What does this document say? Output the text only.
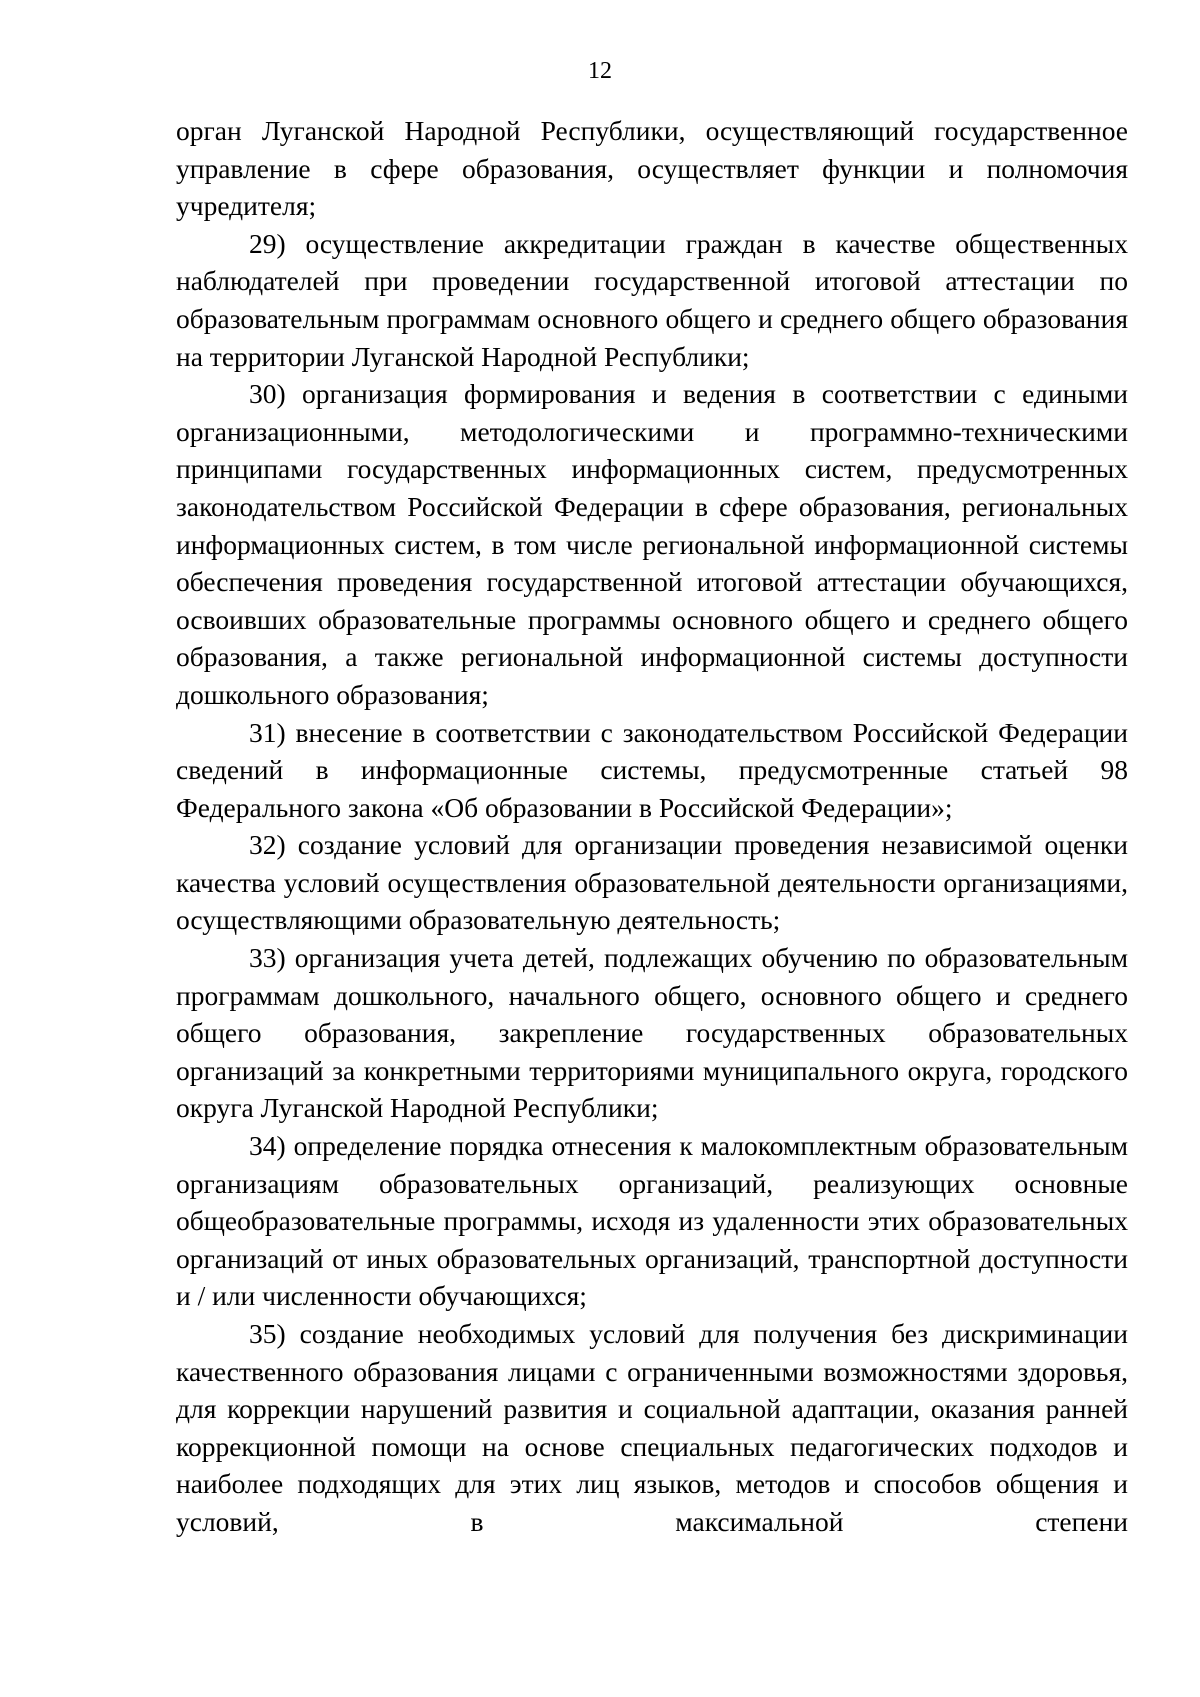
12

орган Луганской Народной Республики, осуществляющий государственное управление в сфере образования, осуществляет функции и полномочия учредителя;

29) осуществление аккредитации граждан в качестве общественных наблюдателей при проведении государственной итоговой аттестации по образовательным программам основного общего и среднего общего образования на территории Луганской Народной Республики;

30) организация формирования и ведения в соответствии с едиными организационными, методологическими и программно-техническими принципами государственных информационных систем, предусмотренных законодательством Российской Федерации в сфере образования, региональных информационных систем, в том числе региональной информационной системы обеспечения проведения государственной итоговой аттестации обучающихся, освоивших образовательные программы основного общего и среднего общего образования, а также региональной информационной системы доступности дошкольного образования;

31) внесение в соответствии с законодательством Российской Федерации сведений в информационные системы, предусмотренные статьей 98 Федерального закона «Об образовании в Российской Федерации»;

32) создание условий для организации проведения независимой оценки качества условий осуществления образовательной деятельности организациями, осуществляющими образовательную деятельность;

33) организация учета детей, подлежащих обучению по образовательным программам дошкольного, начального общего, основного общего и среднего общего образования, закрепление государственных образовательных организаций за конкретными территориями муниципального округа, городского округа Луганской Народной Республики;

34) определение порядка отнесения к малокомплектным образовательным организациям образовательных организаций, реализующих основные общеобразовательные программы, исходя из удаленности этих образовательных организаций от иных образовательных организаций, транспортной доступности и / или численности обучающихся;

35) создание необходимых условий для получения без дискриминации качественного образования лицами с ограниченными возможностями здоровья, для коррекции нарушений развития и социальной адаптации, оказания ранней коррекционной помощи на основе специальных педагогических подходов и наиболее подходящих для этих лиц языков, методов и способов общения и условий, в максимальной степени
